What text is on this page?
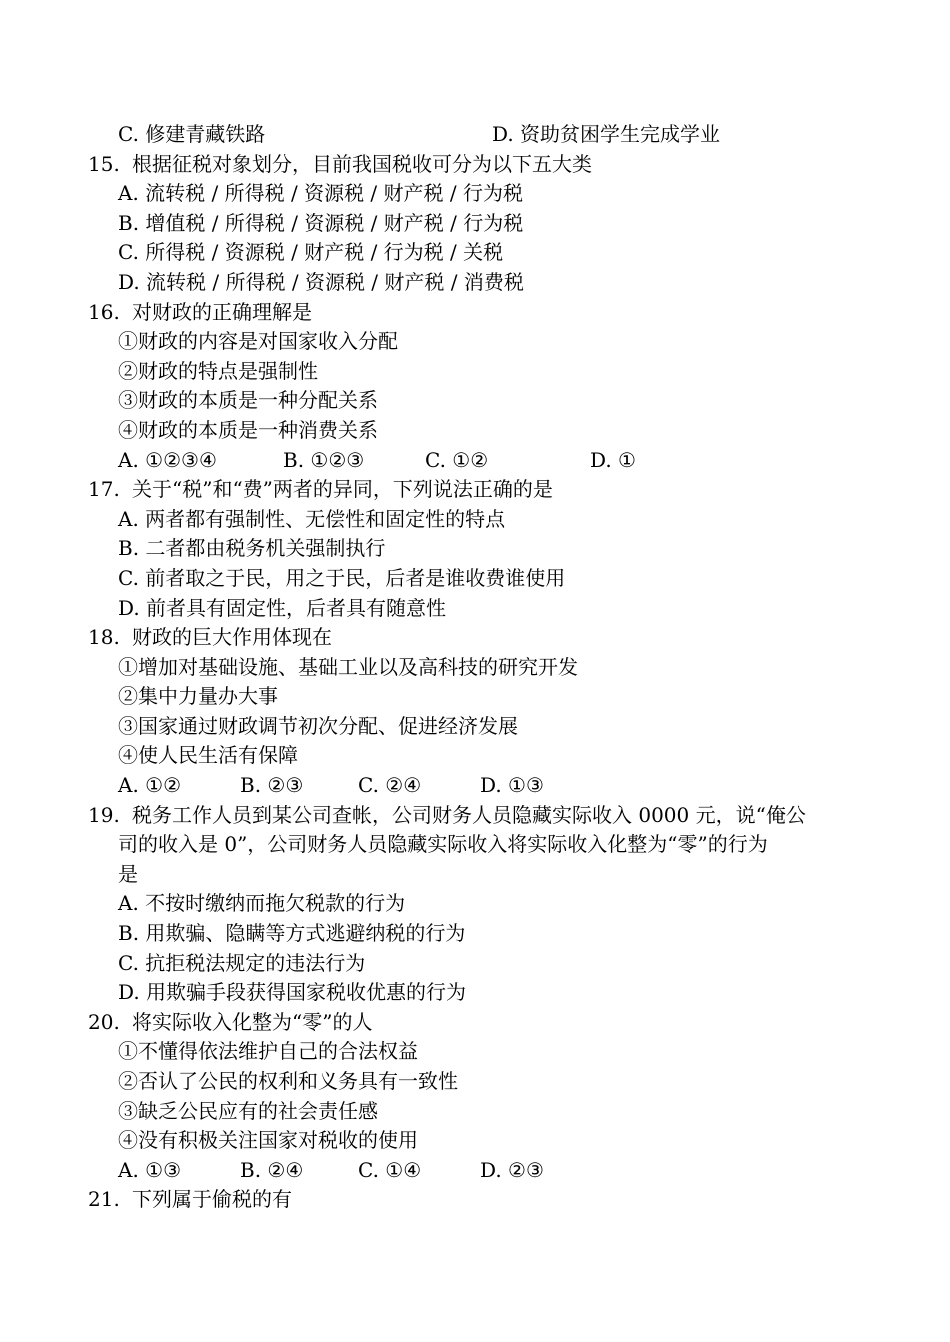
C. 修建青藏铁路	D. 资助贫困学生完成学业
15. 根据征税对象划分，目前我国税收可分为以下五大类
A. 流转税 / 所得税 / 资源税 / 财产税 / 行为税
B. 增值税 / 所得税 / 资源税 / 财产税 / 行为税
C. 所得税 / 资源税 / 财产税 / 行为税 / 关税
D. 流转税 / 所得税 / 资源税 / 财产税 / 消费税
16. 对财政的正确理解是
①财政的内容是对国家收入分配
②财政的特点是强制性
③财政的本质是一种分配关系
④财政的本质是一种消费关系
A. ①②③④	B. ①②③	C. ①②	D. ①
17. 关于“税”和“费”两者的异同，下列说法正确的是
A. 两者都有强制性、无偿性和固定性的特点
B. 二者都由税务机关强制执行
C. 前者取之于民，用之于民，后者是谁收费谁使用
D. 前者具有固定性，后者具有随意性
18. 财政的巨大作用体现在
①增加对基础设施、基础工业以及高科技的研究开发
②集中力量办大事
③国家通过财政调节初次分配、促进经济发展
④使人民生活有保障
A. ①②	B. ②③	C. ②④	D. ①③
19. 税务工作人员到某公司查帐，公司财务人员隐藏实际收入 0000 元，说“俺公
司的收入是 0”，公司财务人员隐藏实际收入将实际收入化整为“零”的行为
是
A. 不按时缴纳而拖欠税款的行为
B. 用欺骗、隐瞒等方式逃避纳税的行为
C. 抗拒税法规定的违法行为
D. 用欺骗手段获得国家税收优惠的行为
20. 将实际收入化整为“零”的人
①不懂得依法维护自己的合法权益
②否认了公民的权利和义务具有一致性
③缺乏公民应有的社会责任感
④没有积极关注国家对税收的使用
A. ①③	B. ②④	C. ①④	D. ②③
21. 下列属于偷税的有
